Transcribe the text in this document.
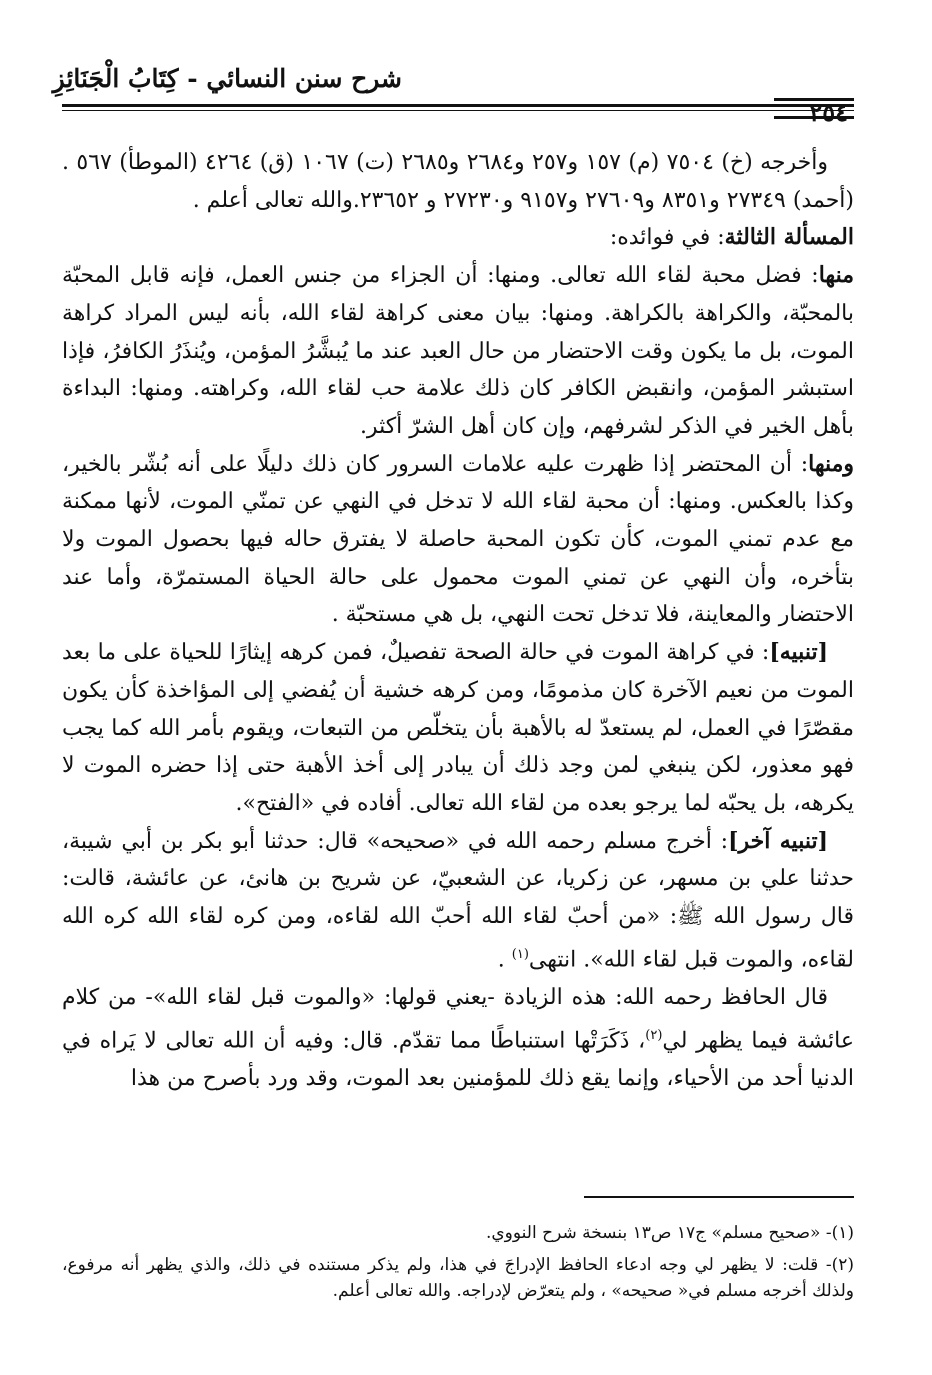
شرح سنن النسائي - كِتَابُ الْجَنَائِزِ
٢٥٤

وأخرجه (خ) ٧٥٠٤ (م) ١٥٧ و٢٥٧ و٢٦٨٤ و٢٦٨٥ (ت) ١٠٦٧ (ق) ٤٢٦٤ (الموطأ) ٥٦٧ . (أحمد) ٢٧٣٤٩ و٨٣٥١ و٢٧٦٠٩ و٩١٥٧ و٢٧٢٣٠ و ٢٣٦٥٢.والله تعالى أعلم .

المسألة الثالثة: في فوائده:

منها: فضل محبة لقاء الله تعالى. ومنها: أن الجزاء من جنس العمل، فإنه قابل المحبّة بالمحبّة، والكراهة بالكراهة. ومنها: بيان معنى كراهة لقاء الله، بأنه ليس المراد كراهة الموت، بل ما يكون وقت الاحتضار من حال العبد عند ما يُبشَّرُ المؤمن، ويُنذَرُ الكافرُ، فإذا استبشر المؤمن، وانقبض الكافر كان ذلك علامة حب لقاء الله، وكراهته. ومنها: البداءة بأهل الخير في الذكر لشرفهم، وإن كان أهل الشرّ أكثر.

ومنها: أن المحتضر إذا ظهرت عليه علامات السرور كان ذلك دليلًا على أنه بُشّر بالخير، وكذا بالعكس. ومنها: أن محبة لقاء الله لا تدخل في النهي عن تمنّي الموت، لأنها ممكنة مع عدم تمني الموت، كأن تكون المحبة حاصلة لا يفترق حاله فيها بحصول الموت ولا بتأخره، وأن النهي عن تمني الموت محمول على حالة الحياة المستمرّة، وأما عند الاحتضار والمعاينة، فلا تدخل تحت النهي، بل هي مستحبّة .

[تنبيه]: في كراهة الموت في حالة الصحة تفصيلٌ، فمن كرهه إيثارًا للحياة على ما بعد الموت من نعيم الآخرة كان مذمومًا، ومن كرهه خشية أن يُفضي إلى المؤاخذة كأن يكون مقصّرًا في العمل، لم يستعدّ له بالأهبة بأن يتخلّص من التبعات، ويقوم بأمر الله كما يجب فهو معذور، لكن ينبغي لمن وجد ذلك أن يبادر إلى أخذ الأهبة حتى إذا حضره الموت لا يكرهه، بل يحبّه لما يرجو بعده من لقاء الله تعالى. أفاده في «الفتح».

[تنبيه آخر]: أخرج مسلم رحمه الله في «صحيحه» قال: حدثنا أبو بكر بن أبي شيبة، حدثنا علي بن مسهر، عن زكريا، عن الشعبيّ، عن شريح بن هانئ، عن عائشة، قالت: قال رسول الله ﷺ: «من أحبّ لقاء الله أحبّ الله لقاءه، ومن كره لقاء الله كره الله لقاءه، والموت قبل لقاء الله». انتهى$^{(١)}$ .

قال الحافظ رحمه الله: هذه الزيادة -يعني قولها: «والموت قبل لقاء الله»- من كلام عائشة فيما يظهر لي$^{(٢)}$، ذَكَرَتْها استنباطًا مما تقدّم. قال: وفيه أن الله تعالى لا يَراه في الدنيا أحد من الأحياء، وإنما يقع ذلك للمؤمنين بعد الموت، وقد ورد بأصرح من هذا

(١)- «صحيح مسلم» ج١٧ ص١٣ بنسخة شرح النووي.

(٢)- قلت: لا يظهر لي وجه ادعاء الحافظ الإدراجَ في هذا، ولم يذكر مستنده في ذلك، والذي يظهر أنه مرفوع، ولذلك أخرجه مسلم في« صحيحه» ، ولم يتعرّض لإدراجه. والله تعالى أعلم.
